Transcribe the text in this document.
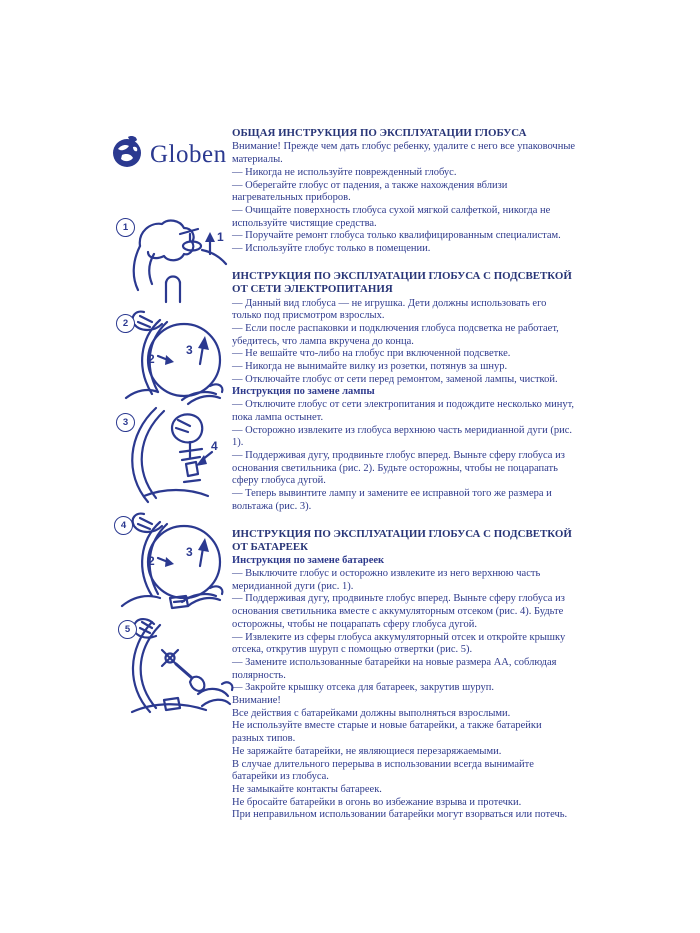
Globen
1
1
2
2
3
3
4
4
2
3
5
ОБЩАЯ ИНСТРУКЦИЯ ПО ЭКСПЛУАТАЦИИ ГЛОБУСА
Внимание! Прежде чем дать глобус ребенку, удалите с него все упаковочные материалы.
— Никогда не используйте поврежденный глобус.
— Оберегайте глобус от падения, а также нахождения вблизи нагревательных приборов.
— Очищайте поверхность глобуса сухой мягкой салфеткой, никогда не используйте чистящие средства.
— Поручайте ремонт глобуса только квалифицированным специалистам.
— Используйте глобус только в помещении.
ИНСТРУКЦИЯ ПО ЭКСПЛУАТАЦИИ ГЛОБУСА С ПОДСВЕТКОЙ ОТ СЕТИ ЭЛЕКТРОПИТАНИЯ
— Данный вид глобуса — не игрушка. Дети должны использовать его только под присмотром взрослых.
— Если после распаковки и подключения глобуса подсветка не работает, убедитесь, что лампа вкручена до конца.
— Не вешайте что-либо на глобус при включенной подсветке.
— Никогда не вынимайте вилку из розетки, потянув за шнур.
— Отключайте глобус от сети перед ремонтом, заменой лампы, чисткой.
Инструкция по замене лампы
— Отключите глобус от сети электропитания и подождите несколько минут, пока лампа остынет.
— Осторожно извлеките из глобуса верхнюю часть меридианной дуги (рис. 1).
— Поддерживая дугу, продвиньте глобус вперед. Выньте сферу глобуса из основания светильника (рис. 2). Будьте осторожны, чтобы не поцарапать сферу глобуса дугой.
— Теперь вывинтите лампу и замените ее исправной того же размера и вольтажа (рис. 3).
ИНСТРУКЦИЯ ПО ЭКСПЛУАТАЦИИ ГЛОБУСА С ПОДСВЕТКОЙ ОТ БАТАРЕЕК
Инструкция по замене батареек
— Выключите глобус и осторожно извлеките из него верхнюю часть меридианной дуги (рис. 1).
— Поддерживая дугу, продвиньте глобус вперед. Выньте сферу глобуса из основания светильника вместе с аккумуляторным отсеком (рис. 4). Будьте осторожны, чтобы не поцарапать сферу глобуса дугой.
— Извлеките из сферы глобуса аккумуляторный отсек и откройте крышку отсека, открутив шуруп с помощью отвертки (рис. 5).
— Замените использованные батарейки на новые размера АА, соблюдая полярность.
— Закройте крышку отсека для батареек, закрутив шуруп.
Внимание!
Все действия с батарейками должны выполняться взрослыми.
Не используйте вместе старые и новые батарейки, а также батарейки разных типов.
Не заряжайте батарейки, не являющиеся перезаряжаемыми.
В случае длительного перерыва в использовании всегда вынимайте батарейки из глобуса.
Не замыкайте контакты батареек.
Не бросайте батарейки в огонь во избежание взрыва и протечки.
При неправильном использовании батарейки могут взорваться или потечь.
